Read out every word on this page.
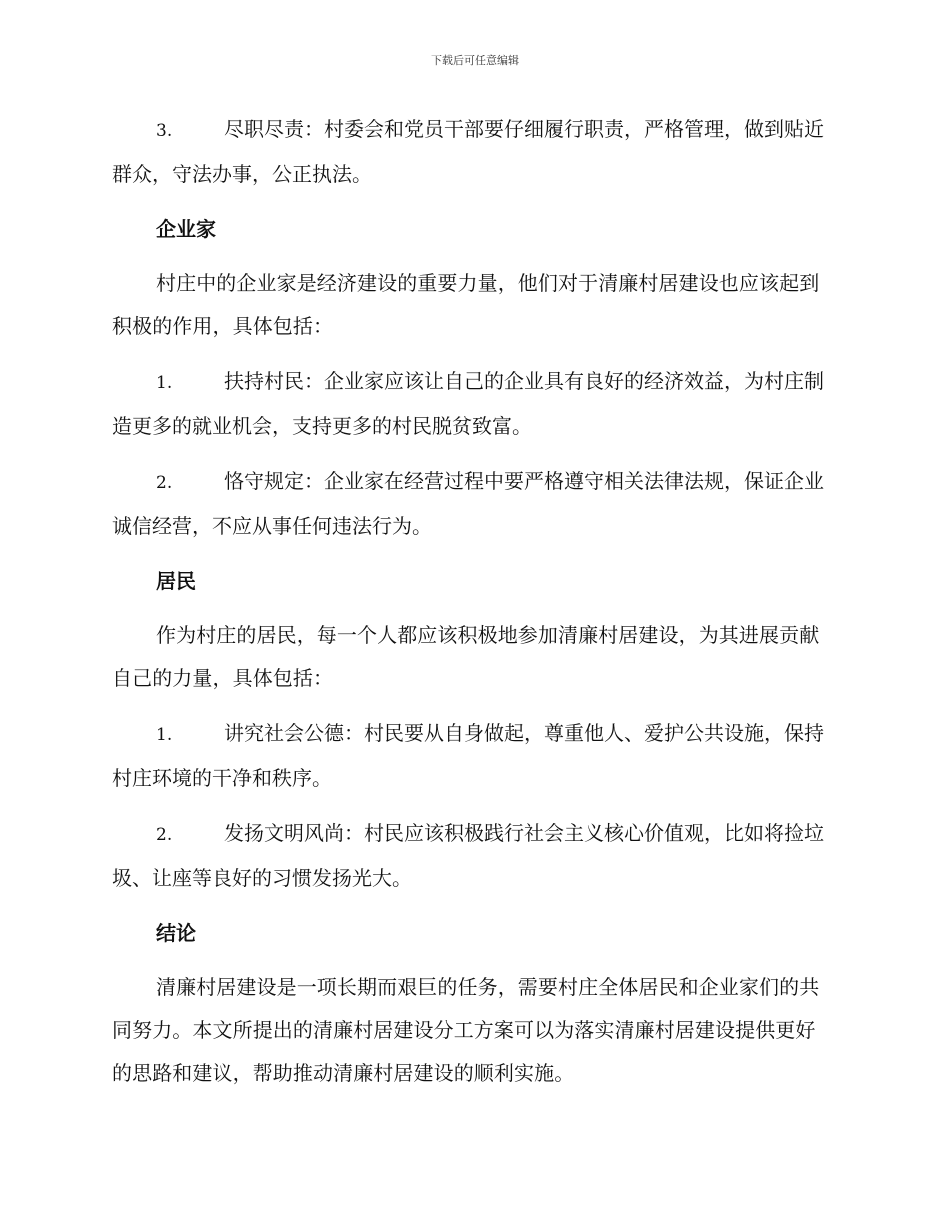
下载后可任意编辑

3.	尽职尽责：村委会和党员干部要仔细履行职责，严格管理，做到贴近群众，守法办事，公正执法。

企业家

村庄中的企业家是经济建设的重要力量，他们对于清廉村居建设也应该起到积极的作用，具体包括：

1.	扶持村民：企业家应该让自己的企业具有良好的经济效益，为村庄制造更多的就业机会，支持更多的村民脱贫致富。

2.	恪守规定：企业家在经营过程中要严格遵守相关法律法规，保证企业诚信经营，不应从事任何违法行为。

居民

作为村庄的居民，每一个人都应该积极地参加清廉村居建设，为其进展贡献自己的力量，具体包括：

1.	讲究社会公德：村民要从自身做起，尊重他人、爱护公共设施，保持村庄环境的干净和秩序。

2.	发扬文明风尚：村民应该积极践行社会主义核心价值观，比如将捡垃圾、让座等良好的习惯发扬光大。

结论

清廉村居建设是一项长期而艰巨的任务，需要村庄全体居民和企业家们的共同努力。本文所提出的清廉村居建设分工方案可以为落实清廉村居建设提供更好的思路和建议，帮助推动清廉村居建设的顺利实施。
